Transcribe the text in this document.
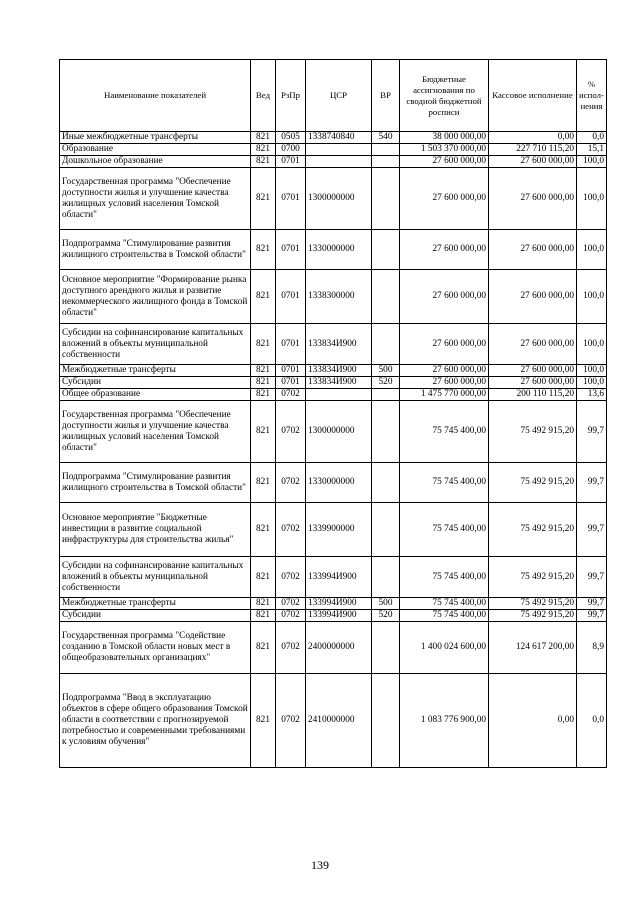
Наименование показателей	Вед	РзПр	ЦСР	ВР	Бюджетные ассигнования по сводной бюджетной росписи	Кассовое исполнение	% испол-нения
Иные межбюджетные трансферты	821	0505	1338740840	540	38 000 000,00	0,00	0,0
Образование	821	0700			1 503 370 000,00	227 710 115,20	15,1
Дошкольное образование	821	0701			27 600 000,00	27 600 000,00	100,0
Государственная программа "Обеспечение доступности жилья и улучшение качества жилищных условий населения Томской области"	821	0701	1300000000		27 600 000,00	27 600 000,00	100,0
Подпрограмма "Стимулирование развития жилищного строительства в Томской области"	821	0701	1330000000		27 600 000,00	27 600 000,00	100,0
Основное мероприятие "Формирование рынка доступного арендного жилья и развитие некоммерческого жилищного фонда в Томской области"	821	0701	1338300000		27 600 000,00	27 600 000,00	100,0
Субсидии на софинансирование капитальных вложений в объекты муниципальной собственности	821	0701	133834И900		27 600 000,00	27 600 000,00	100,0
Межбюджетные трансферты	821	0701	133834И900	500	27 600 000,00	27 600 000,00	100,0
Субсидии	821	0701	133834И900	520	27 600 000,00	27 600 000,00	100,0
Общее образование	821	0702			1 475 770 000,00	200 110 115,20	13,6
Государственная программа "Обеспечение доступности жилья и улучшение качества жилищных условий населения Томской области"	821	0702	1300000000		75 745 400,00	75 492 915,20	99,7
Подпрограмма "Стимулирование развития жилищного строительства в Томской области"	821	0702	1330000000		75 745 400,00	75 492 915,20	99,7
Основное мероприятие "Бюджетные инвестиции в развитие социальной инфраструктуры для строительства жилья"	821	0702	1339900000		75 745 400,00	75 492 915,20	99,7
Субсидии на софинансирование капитальных вложений в объекты муниципальной собственности	821	0702	133994И900		75 745 400,00	75 492 915,20	99,7
Межбюджетные трансферты	821	0702	133994И900	500	75 745 400,00	75 492 915,20	99,7
Субсидии	821	0702	133994И900	520	75 745 400,00	75 492 915,20	99,7
Государственная программа "Содействие созданию в Томской области новых мест в общеобразовательных организациях"	821	0702	2400000000		1 400 024 600,00	124 617 200,00	8,9
Подпрограмма "Ввод в эксплуатацию объектов в сфере общего образования Томской области в соответствии с прогнозируемой потребностью и современными требованиями к условиям обучения"	821	0702	2410000000		1 083 776 900,00	0,00	0,0
139
